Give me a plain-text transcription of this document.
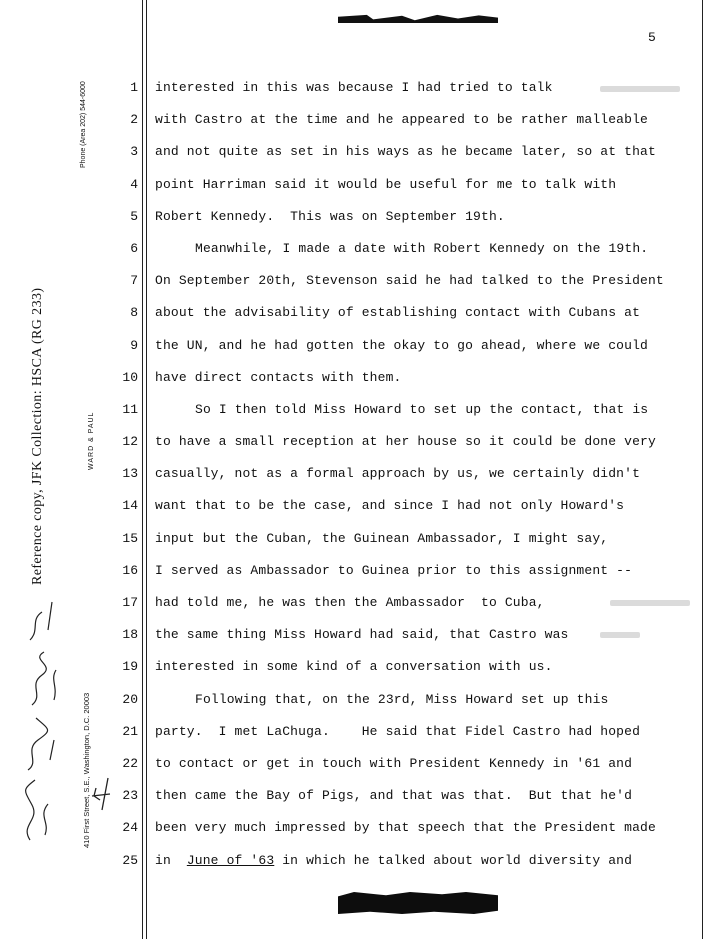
5
Reference copy, JFK Collection: HSCA (RG 233)
Phone (Area 202) 544-6000
WARD & PAUL
410 First Street, S.E., Washington, D.C. 20003
1
2
3
4
5
6
7
8
9
10
11
12
13
14
15
16
17
18
19
20
21
22
23
24
25
interested in this was because I had tried to talk
with Castro at the time and he appeared to be rather malleable
and not quite as set in his ways as he became later, so at that
point Harriman said it would be useful for me to talk with
Robert Kennedy.  This was on September 19th.
Meanwhile, I made a date with Robert Kennedy on the 19th.
On September 20th, Stevenson said he had talked to the President
about the advisability of establishing contact with Cubans at
the UN, and he had gotten the okay to go ahead, where we could
have direct contacts with them.
So I then told Miss Howard to set up the contact, that is
to have a small reception at her house so it could be done very
casually, not as a formal approach by us, we certainly didn't
want that to be the case, and since I had not only Howard's
input but the Cuban, the Guinean Ambassador, I might say,
I served as Ambassador to Guinea prior to this assignment --
had told me, he was then the Ambassador  to Cuba,
the same thing Miss Howard had said, that Castro was
interested in some kind of a conversation with us.
Following that, on the 23rd, Miss Howard set up this
party.  I met LaChuga.    He said that Fidel Castro had hoped
to contact or get in touch with President Kennedy in '61 and
then came the Bay of Pigs, and that was that.  But that he'd
been very much impressed by that speech that the President made
in  June of '63 in which he talked about world diversity and
